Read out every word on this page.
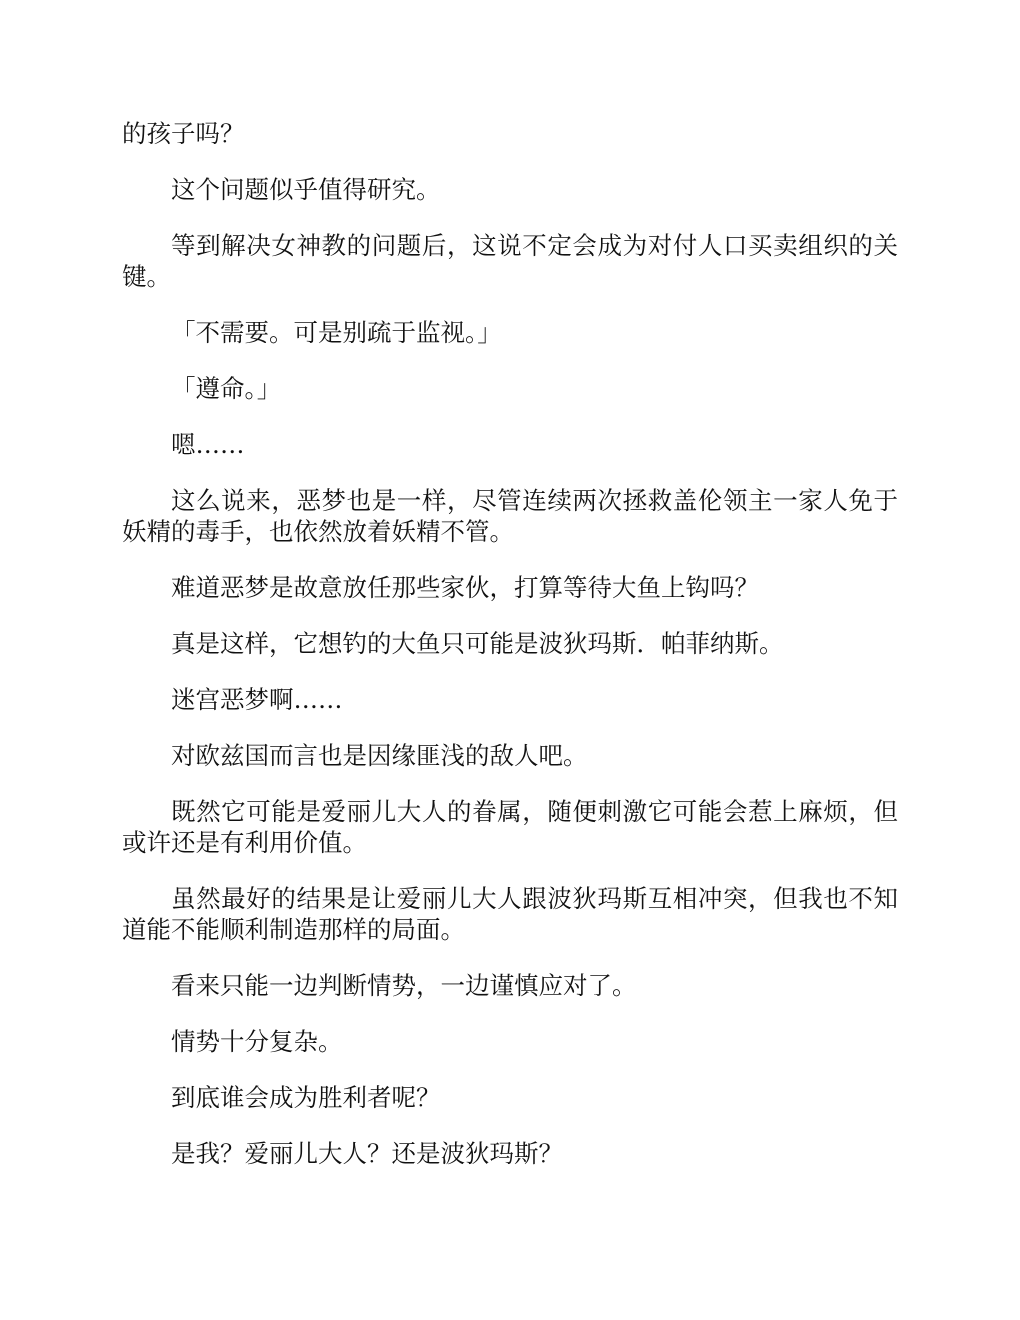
的孩子吗？

这个问题似乎值得研究。

等到解决女神教的问题后，这说不定会成为对付人口买卖组织的关键。

「不需要。可是别疏于监视。」

「遵命。」

嗯……

这么说来，恶梦也是一样，尽管连续两次拯救盖伦领主一家人免于妖精的毒手，也依然放着妖精不管。

难道恶梦是故意放任那些家伙，打算等待大鱼上钩吗？

真是这样，它想钓的大鱼只可能是波狄玛斯．帕菲纳斯。

迷宫恶梦啊……

对欧兹国而言也是因缘匪浅的敌人吧。

既然它可能是爱丽儿大人的眷属，随便刺激它可能会惹上麻烦，但或许还是有利用价值。

虽然最好的结果是让爱丽儿大人跟波狄玛斯互相冲突，但我也不知道能不能顺利制造那样的局面。

看来只能一边判断情势，一边谨慎应对了。

情势十分复杂。

到底谁会成为胜利者呢？

是我？爱丽儿大人？还是波狄玛斯？
